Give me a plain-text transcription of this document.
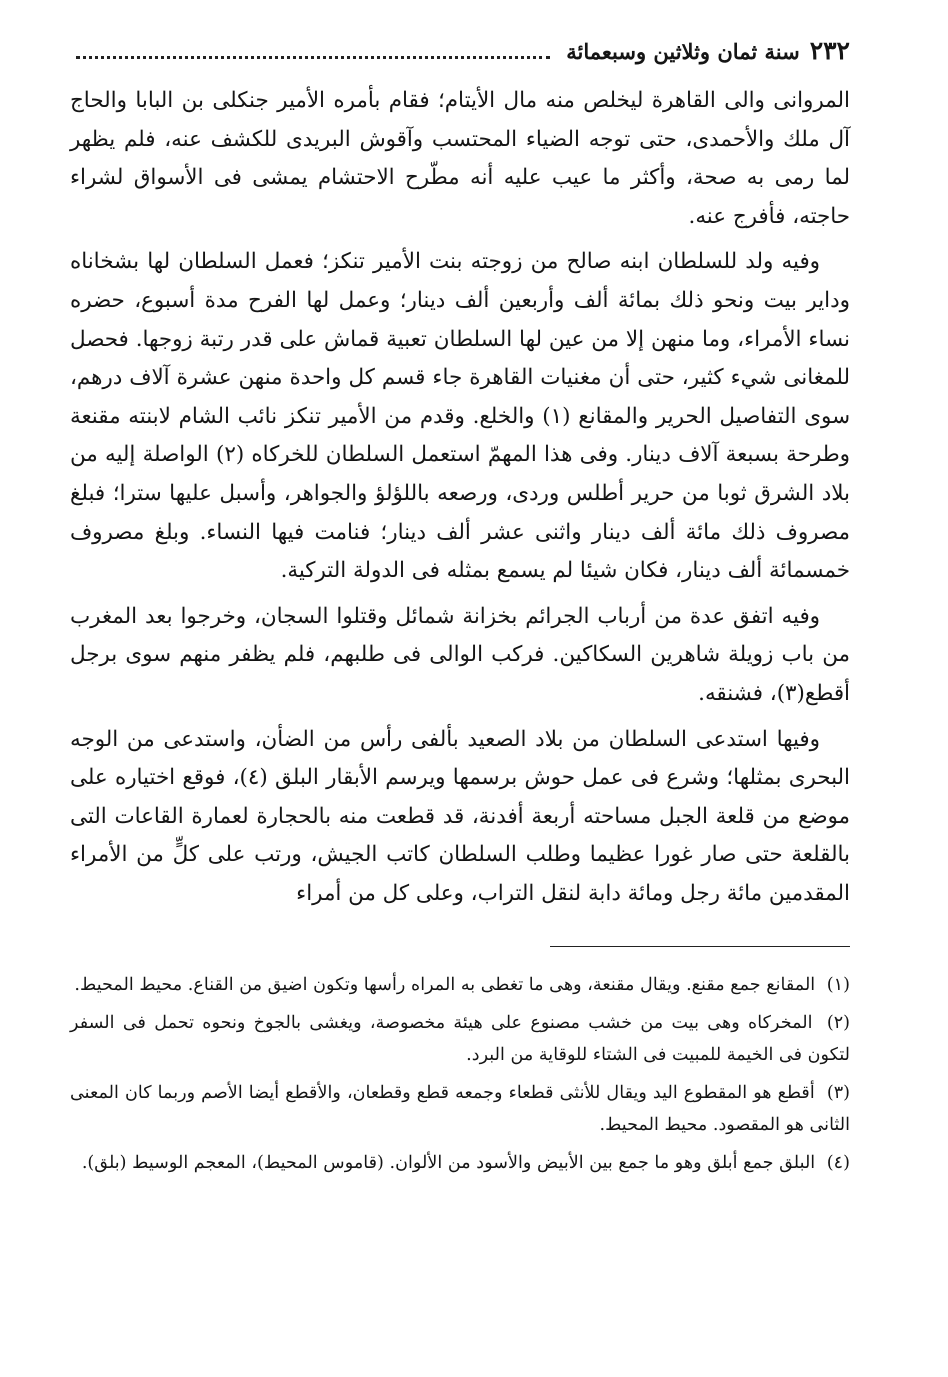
٢٣٢
سنة ثمان وثلاثين وسبعمائة

المروانى والى القاهرة ليخلص منه مال الأيتام؛ فقام بأمره الأمير جنكلى بن البابا والحاج آل ملك والأحمدى، حتى توجه الضياء المحتسب وآقوش البريدى للكشف عنه، فلم يظهر لما رمى به صحة، وأكثر ما عيب عليه أنه مطّرح الاحتشام يمشى فى الأسواق لشراء حاجته، فأفرج عنه.

وفيه ولد للسلطان ابنه صالح من زوجته بنت الأمير تنكز؛ فعمل السلطان لها بشخاناه وداير بيت ونحو ذلك بمائة ألف وأربعين ألف دينار؛ وعمل لها الفرح مدة أسبوع، حضره نساء الأمراء، وما منهن إلا من عين لها السلطان تعبية قماش على قدر رتبة زوجها. فحصل للمغانى شيء كثير، حتى أن مغنيات القاهرة جاء قسم كل واحدة منهن عشرة آلاف درهم، سوى التفاصيل الحرير والمقانع (١) والخلع. وقدم من الأمير تنكز نائب الشام لابنته مقنعة وطرحة بسبعة آلاف دينار. وفى هذا المهمّ استعمل السلطان للخركاه (٢) الواصلة إليه من بلاد الشرق ثوبا من حرير أطلس وردى، ورصعه باللؤلؤ والجواهر، وأسبل عليها سترا؛ فبلغ مصروف ذلك مائة ألف دينار واثنى عشر ألف دينار؛ فنامت فيها النساء. وبلغ مصروف خمسمائة ألف دينار، فكان شيئا لم يسمع بمثله فى الدولة التركية.

وفيه اتفق عدة من أرباب الجرائم بخزانة شمائل وقتلوا السجان، وخرجوا بعد المغرب من باب زويلة شاهرين السكاكين. فركب الوالى فى طلبهم، فلم يظفر منهم سوى برجل أقطع(٣)، فشنقه.

وفيها استدعى السلطان من بلاد الصعيد بألفى رأس من الضأن، واستدعى من الوجه البحرى بمثلها؛ وشرع فى عمل حوش برسمها ويرسم الأبقار البلق (٤)، فوقع اختياره على موضع من قلعة الجبل مساحته أربعة أفدنة، قد قطعت منه بالحجارة لعمارة القاعات التى بالقلعة حتى صار غورا عظيما وطلب السلطان كاتب الجيش، ورتب على كلٍّ من الأمراء المقدمين مائة رجل ومائة دابة لنقل التراب، وعلى كل من أمراء

(١) المقانع جمع مقنع. ويقال مقنعة، وهى ما تغطى به المراه رأسها وتكون اضيق من القناع. محيط المحيط.

(٢) المخركاه وهى بيت من خشب مصنوع على هيئة مخصوصة، ويغشى بالجوخ ونحوه تحمل فى السفر لتكون فى الخيمة للمبيت فى الشتاء للوقاية من البرد.

(٣) أقطع هو المقطوع اليد ويقال للأنثى قطعاء وجمعه قطع وقطعان، والأقطع أيضا الأصم وربما كان المعنى الثانى هو المقصود. محيط المحيط.

(٤) البلق جمع أبلق وهو ما جمع بين الأبيض والأسود من الألوان. (قاموس المحيط)، المعجم الوسيط (بلق).
